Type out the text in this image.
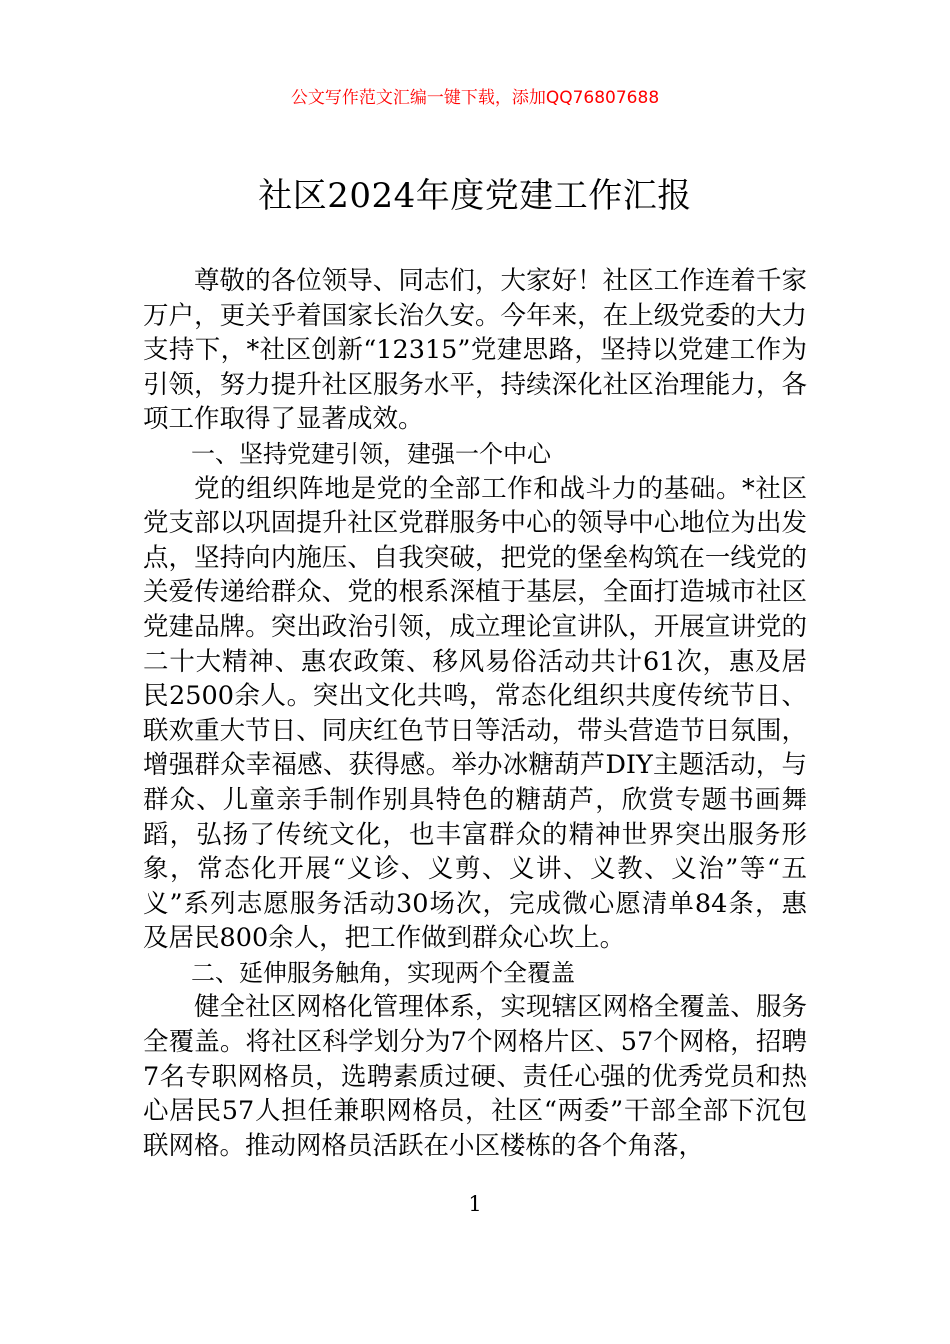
公文写作范文汇编一键下载，添加QQ76807688
社区2024年度党建工作汇报

尊敬的各位领导、同志们，大家好！社区工作连着千家万户，更关乎着国家长治久安。今年来，在上级党委的大力支持下，*社区创新“12315”党建思路，坚持以党建工作为引领，努力提升社区服务水平，持续深化社区治理能力，各项工作取得了显著成效。

一、坚持党建引领，建强一个中心

党的组织阵地是党的全部工作和战斗力的基础。*社区党支部以巩固提升社区党群服务中心的领导中心地位为出发点，坚持向内施压、自我突破，把党的堡垒构筑在一线党的关爱传递给群众、党的根系深植于基层，全面打造城市社区党建品牌。突出政治引领，成立理论宣讲队，开展宣讲党的二十大精神、惠农政策、移风易俗活动共计61次，惠及居民2500余人。突出文化共鸣，常态化组织共度传统节日、联欢重大节日、同庆红色节日等活动，带头营造节日氛围，增强群众幸福感、获得感。举办冰糖葫芦DIY主题活动，与群众、儿童亲手制作别具特色的糖葫芦，欣赏专题书画舞蹈，弘扬了传统文化，也丰富群众的精神世界突出服务形象，常态化开展“义诊、义剪、义讲、义教、义治”等“五义”系列志愿服务活动30场次，完成微心愿清单84条，惠及居民800余人，把工作做到群众心坎上。

二、延伸服务触角，实现两个全覆盖

健全社区网格化管理体系，实现辖区网格全覆盖、服务全覆盖。将社区科学划分为7个网格片区、57个网格，招聘7名专职网格员，选聘素质过硬、责任心强的优秀党员和热心居民57人担任兼职网格员，社区“两委”干部全部下沉包联网格。推动网格员活跃在小区楼栋的各个角落，

1
